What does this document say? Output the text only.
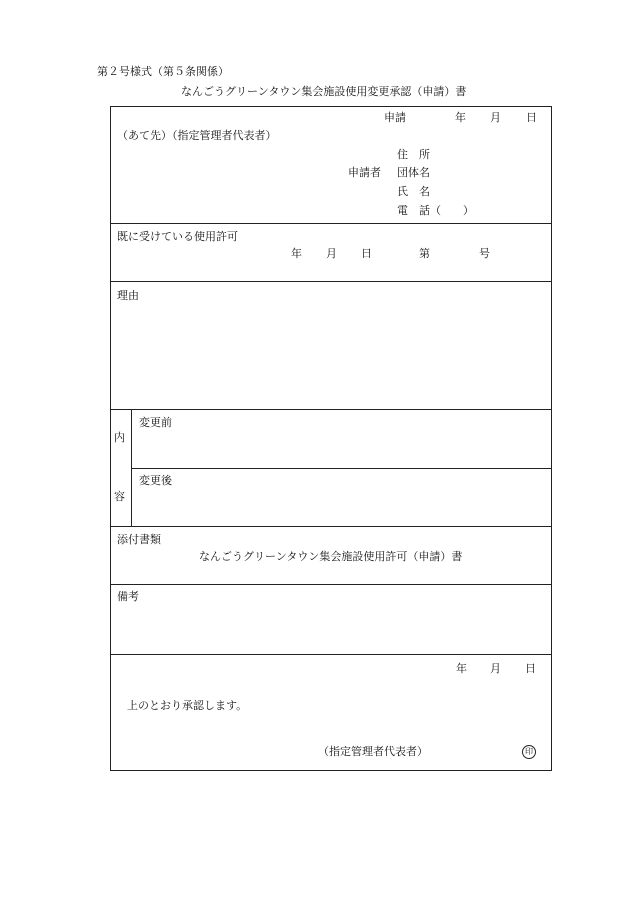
第２号様式（第５条関係）
なんごうグリーンタウン集会施設使用変更承認（申請）書
申請	年 月 日
（あて先）（指定管理者代表者）
住　所
申請者 団体名
氏　名
電　話（　　）
既に受けている使用許可
年 月 日	第	号
理由
内
容
変更前
変更後
添付書類
なんごうグリーンタウン集会施設使用許可（申請）書
備考
年 月 日
上のとおり承認します。
（指定管理者代表者）	印
